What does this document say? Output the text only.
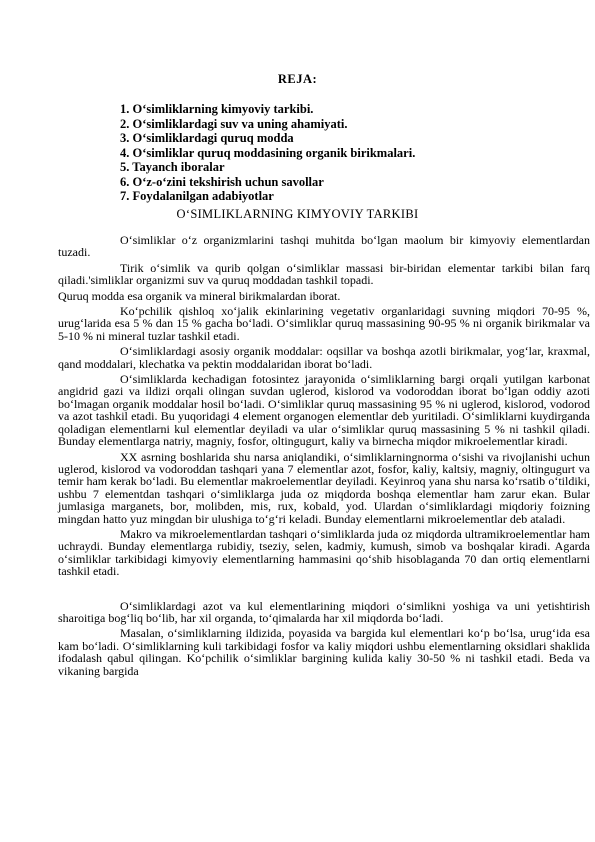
REJA:
1. O‘simliklarning kimyoviy tarkibi.
2. O‘simliklardagi suv va uning ahamiyati.
3. O‘simliklardagi quruq modda
4. O‘simliklar quruq moddasining organik birikmalari.
5. Tayanch iboralar
6. O‘z-o‘zini tekshirish uchun savollar
7. Foydalanilgan adabiyotlar
O‘SIMLIKLARNING KIMYOVIY TARKIBI

O‘simliklar o‘z organizmlarini tashqi muhitda bo‘lgan maolum bir kimyoviy elementlardan tuzadi.

Tirik o‘simlik va qurib qolgan o‘simliklar massasi bir-biridan elementar tarkibi bilan farq qiladi.'simliklar organizmi suv va quruq moddadan tashkil topadi.

Quruq modda esa organik va mineral birikmalardan iborat.

Ko‘pchilik qishloq xo‘jalik ekinlarining vegetativ organlaridagi suvning miqdori 70-95 %, urug‘larida esa 5 % dan 15 % gacha bo‘ladi. O‘simliklar quruq massasining 90-95 % ni organik birikmalar va 5-10 % ni mineral tuzlar tashkil etadi.

O‘simliklardagi asosiy organik moddalar: oqsillar va boshqa azotli birikmalar, yog‘lar, kraxmal, qand moddalari, klechatka va pektin moddalaridan iborat bo‘ladi.

O‘simliklarda kechadigan fotosintez jarayonida o‘simliklarning bargi orqali yutilgan karbonat angidrid gazi va ildizi orqali olingan suvdan uglerod, kislorod va vodoroddan iborat bo‘lgan oddiy azoti bo‘lmagan organik moddalar hosil bo‘ladi. O‘simliklar quruq massasining 95 % ni uglerod, kislorod, vodorod va azot tashkil etadi. Bu yuqoridagi 4 element organogen elementlar deb yuritiladi. O‘simliklarni kuydirganda qoladigan elementlarni kul elementlar deyiladi va ular o‘simliklar quruq massasining 5 % ni tashkil qiladi. Bunday elementlarga natriy, magniy, fosfor, oltingugurt, kaliy va birnecha miqdor mikroelementlar kiradi.

XX asrning boshlarida shu narsa aniqlandiki, o‘simliklarningnorma o‘sishi va rivojlanishi uchun uglerod, kislorod va vodoroddan tashqari yana 7 elementlar azot, fosfor, kaliy, kaltsiy, magniy, oltingugurt va temir ham kerak bo‘ladi. Bu elementlar makroelementlar deyiladi. Keyinroq yana shu narsa ko‘rsatib o‘tildiki, ushbu 7 elementdan tashqari o‘simliklarga juda oz miqdorda boshqa elementlar ham zarur ekan. Bular jumlasiga marganets, bor, molibden, mis, rux, kobald, yod. Ulardan o‘simliklardagi miqdoriy foizning mingdan hatto yuz mingdan bir ulushiga to‘g‘ri keladi. Bunday elementlarni mikroelementlar deb ataladi.

Makro va mikroelementlardan tashqari o‘simliklarda juda oz miqdorda ultramikroelementlar ham uchraydi. Bunday elementlarga rubidiy, tseziy, selen, kadmiy, kumush, simob va boshqalar kiradi. Agarda o‘simliklar tarkibidagi kimyoviy elementlarning hammasini qo‘shib hisoblaganda 70 dan ortiq elementlarni tashkil etadi.

O‘simliklardagi azot va kul elementlarining miqdori o‘simlikni yoshiga va uni yetishtirish sharoitiga bog‘liq bo‘lib, har xil organda, to‘qimalarda har xil miqdorda bo‘ladi.

Masalan, o‘simliklarning ildizida, poyasida va bargida kul elementlari ko‘p bo‘lsa, urug‘ida esa kam bo‘ladi. O‘simliklarning kuli tarkibidagi fosfor va kaliy miqdori ushbu elementlarning oksidlari shaklida ifodalash qabul qilingan. Ko‘pchilik o‘simliklar bargining kulida kaliy 30-50 % ni tashkil etadi. Beda va vikaning bargida
